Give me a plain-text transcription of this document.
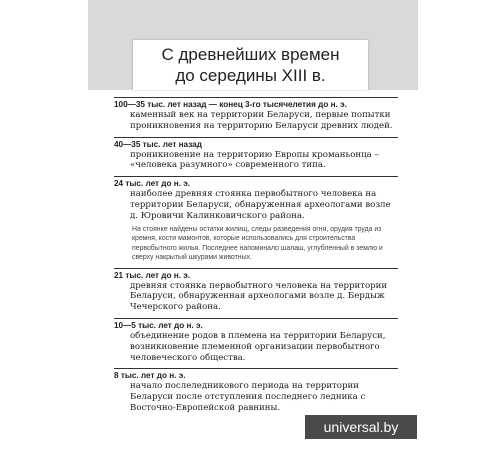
С древнейших времен
до середины XIII в.
100—35 тыс. лет назад — конец 3-го тысячелетия до н. э.
каменный век на территории Беларуси, первые попытки проникновения на территорию Беларуси древних людей.
40—35 тыс. лет назад
проникновение на территорию Европы кроманьонца – «человека разумного» современного типа.
24 тыс. лет до н. э.
наиболее древняя стоянка первобытного человека на территории Беларуси, обнаруженная археологами возле д. Юровичи Калинковичского района.
На стоянке найдены остатки жилищ, следы разведения огня, орудия труда из кремня, кости мамонтов, которые использовались для строительства первобытного жилья. Последнее напоминало шалаш, углубленный в землю и сверху накрытый шкурами животных.
21 тыс. лет до н. э.
древняя стоянка первобытного человека на территории Беларуси, обнаруженная археологами возле д. Бердыж Чечерского района.
10—5 тыс. лет до н. э.
объединение родов в племена на территории Беларуси, возникновение племенной организации первобытного человеческого общества.
8 тыс. лет до н. э.
начало послеледникового периода на территории Беларуси после отступления последнего ледника с Восточно-Европейской равнины.
universal.by
